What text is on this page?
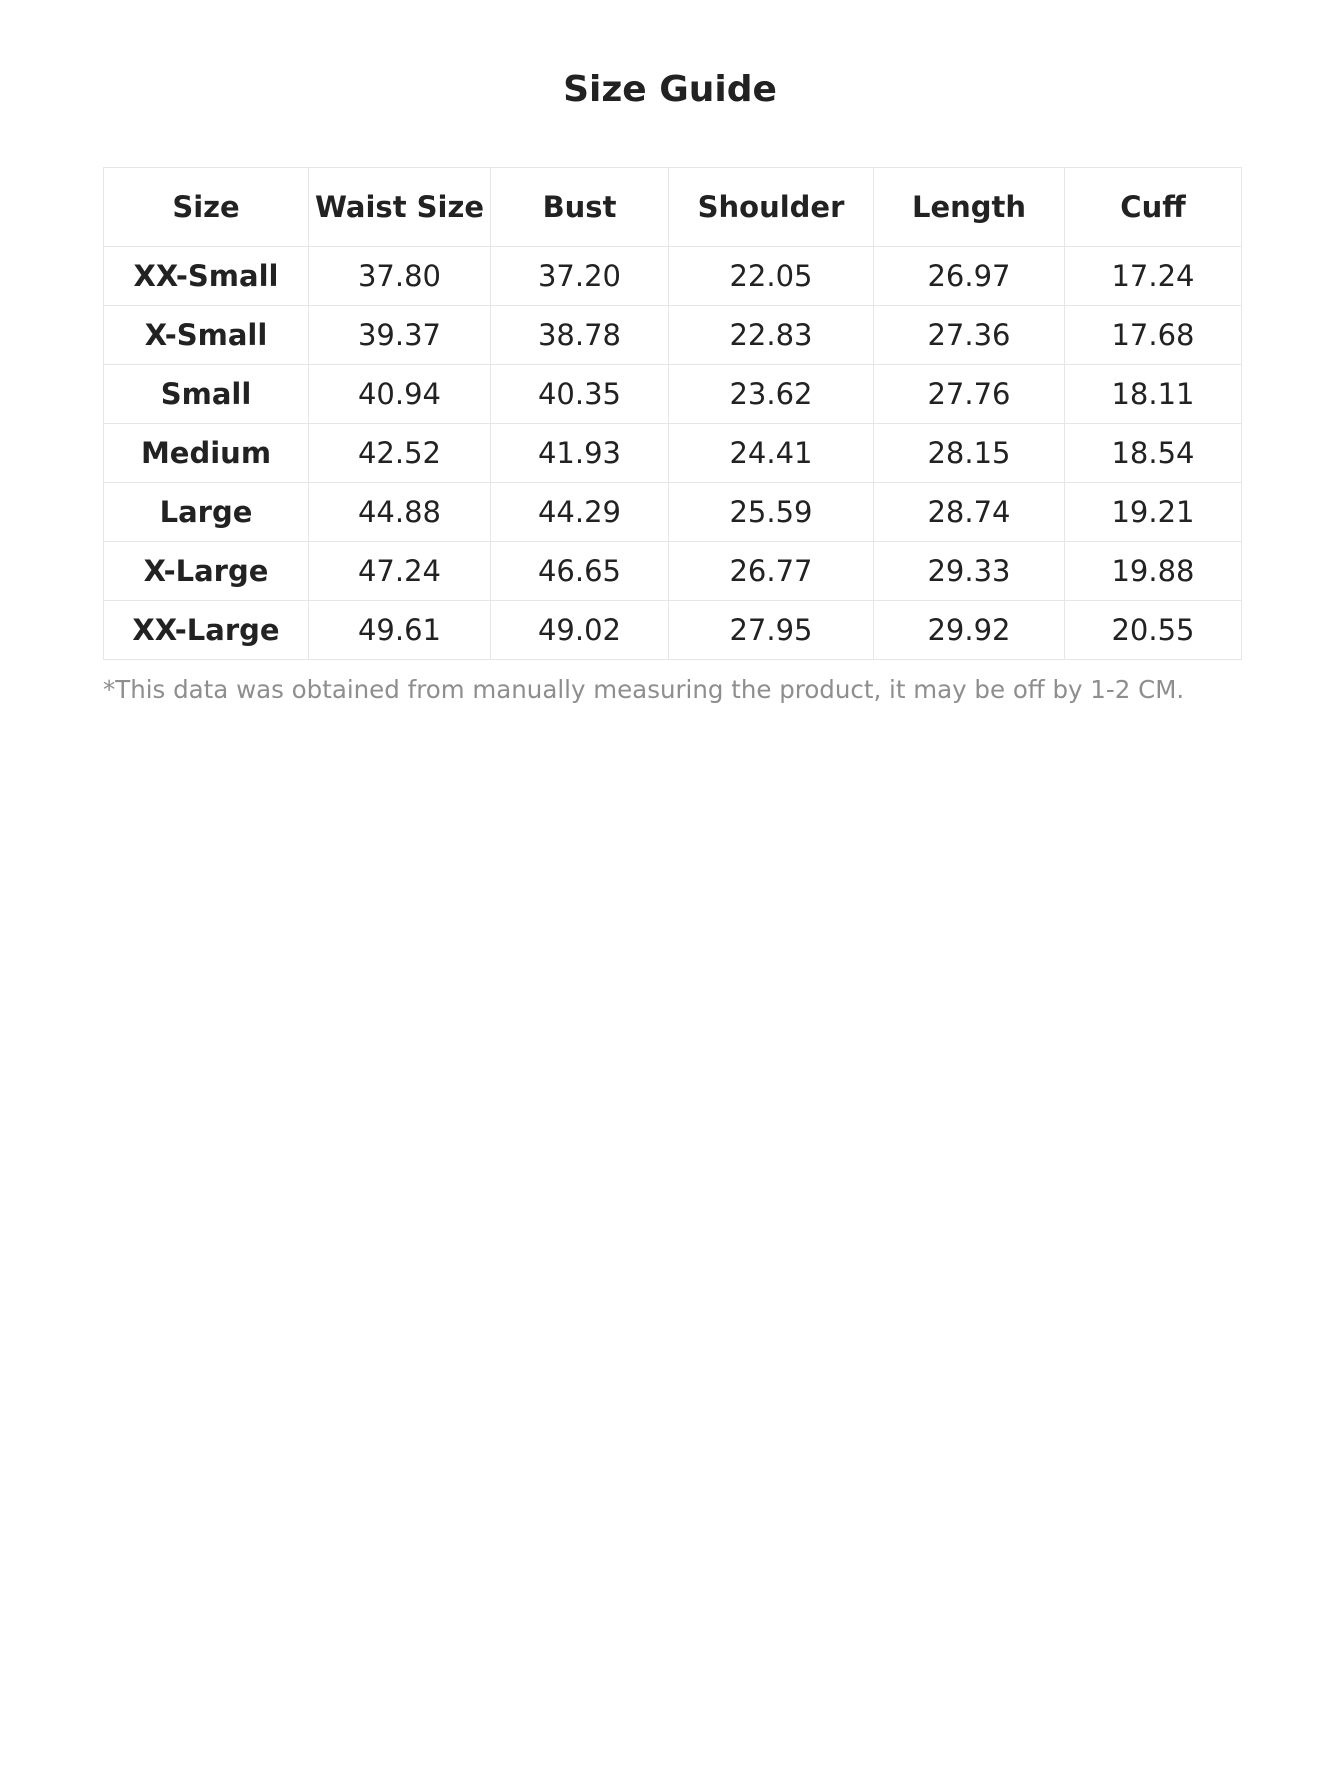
Size Guide
Size	Waist Size	Bust	Shoulder	Length	Cuff
XX-Small	37.80	37.20	22.05	26.97	17.24
X-Small	39.37	38.78	22.83	27.36	17.68
Small	40.94	40.35	23.62	27.76	18.11
Medium	42.52	41.93	24.41	28.15	18.54
Large	44.88	44.29	25.59	28.74	19.21
X-Large	47.24	46.65	26.77	29.33	19.88
XX-Large	49.61	49.02	27.95	29.92	20.55
*This data was obtained from manually measuring the product, it may be off by 1-2 CM.
